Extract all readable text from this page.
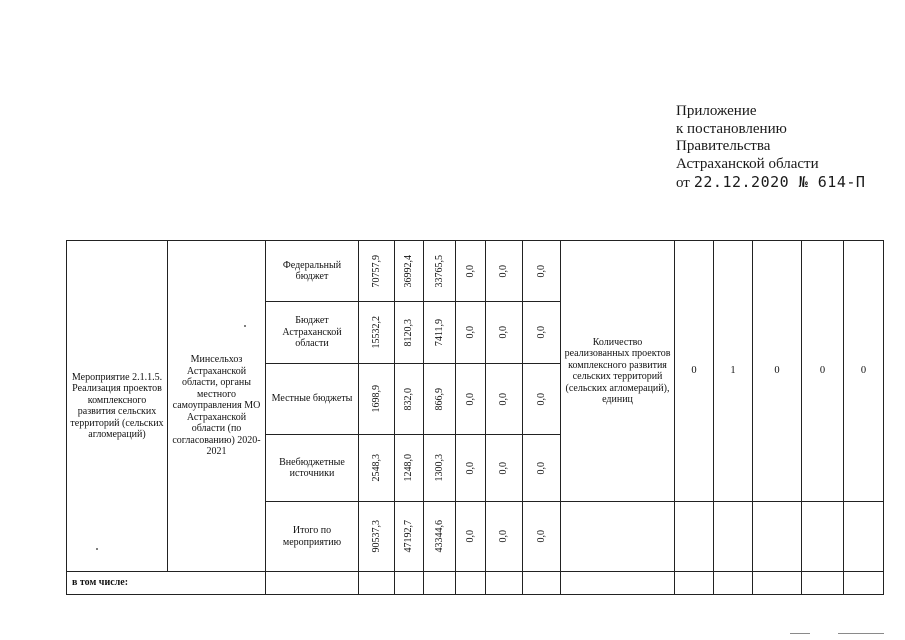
Приложение
к постановлению
Правительства
Астраханской области
от 22.12.2020 № 614-П
Мероприятие 2.1.1.5. Реализация проектов комплексного развития сельских территорий (сельских агломераций)	Минсельхоз Астраханской области, органы местного самоуправления МО Астраханской области (по согласованию) 2020-2021	Федеральный бюджет	70757,9	36992,4	33765,5	0,0	0,0	0,0	Количество реализованных проектов комплексного развития сельских территорий (сельских агломераций), единиц	0	1	0	0	0
		Бюджет Астраханской области	15532,2	8120,3	7411,9	0,0	0,0	0,0						

		Местные бюджеты	1698,9	832,0	866,9	0,0	0,0	0,0						

		Внебюджетные источники	2548,3	1248,0	1300,3	0,0	0,0	0,0						

		Итого по мероприятию	90537,3	47192,7	43344,6	0,0	0,0	0,0						

в том числе:														
